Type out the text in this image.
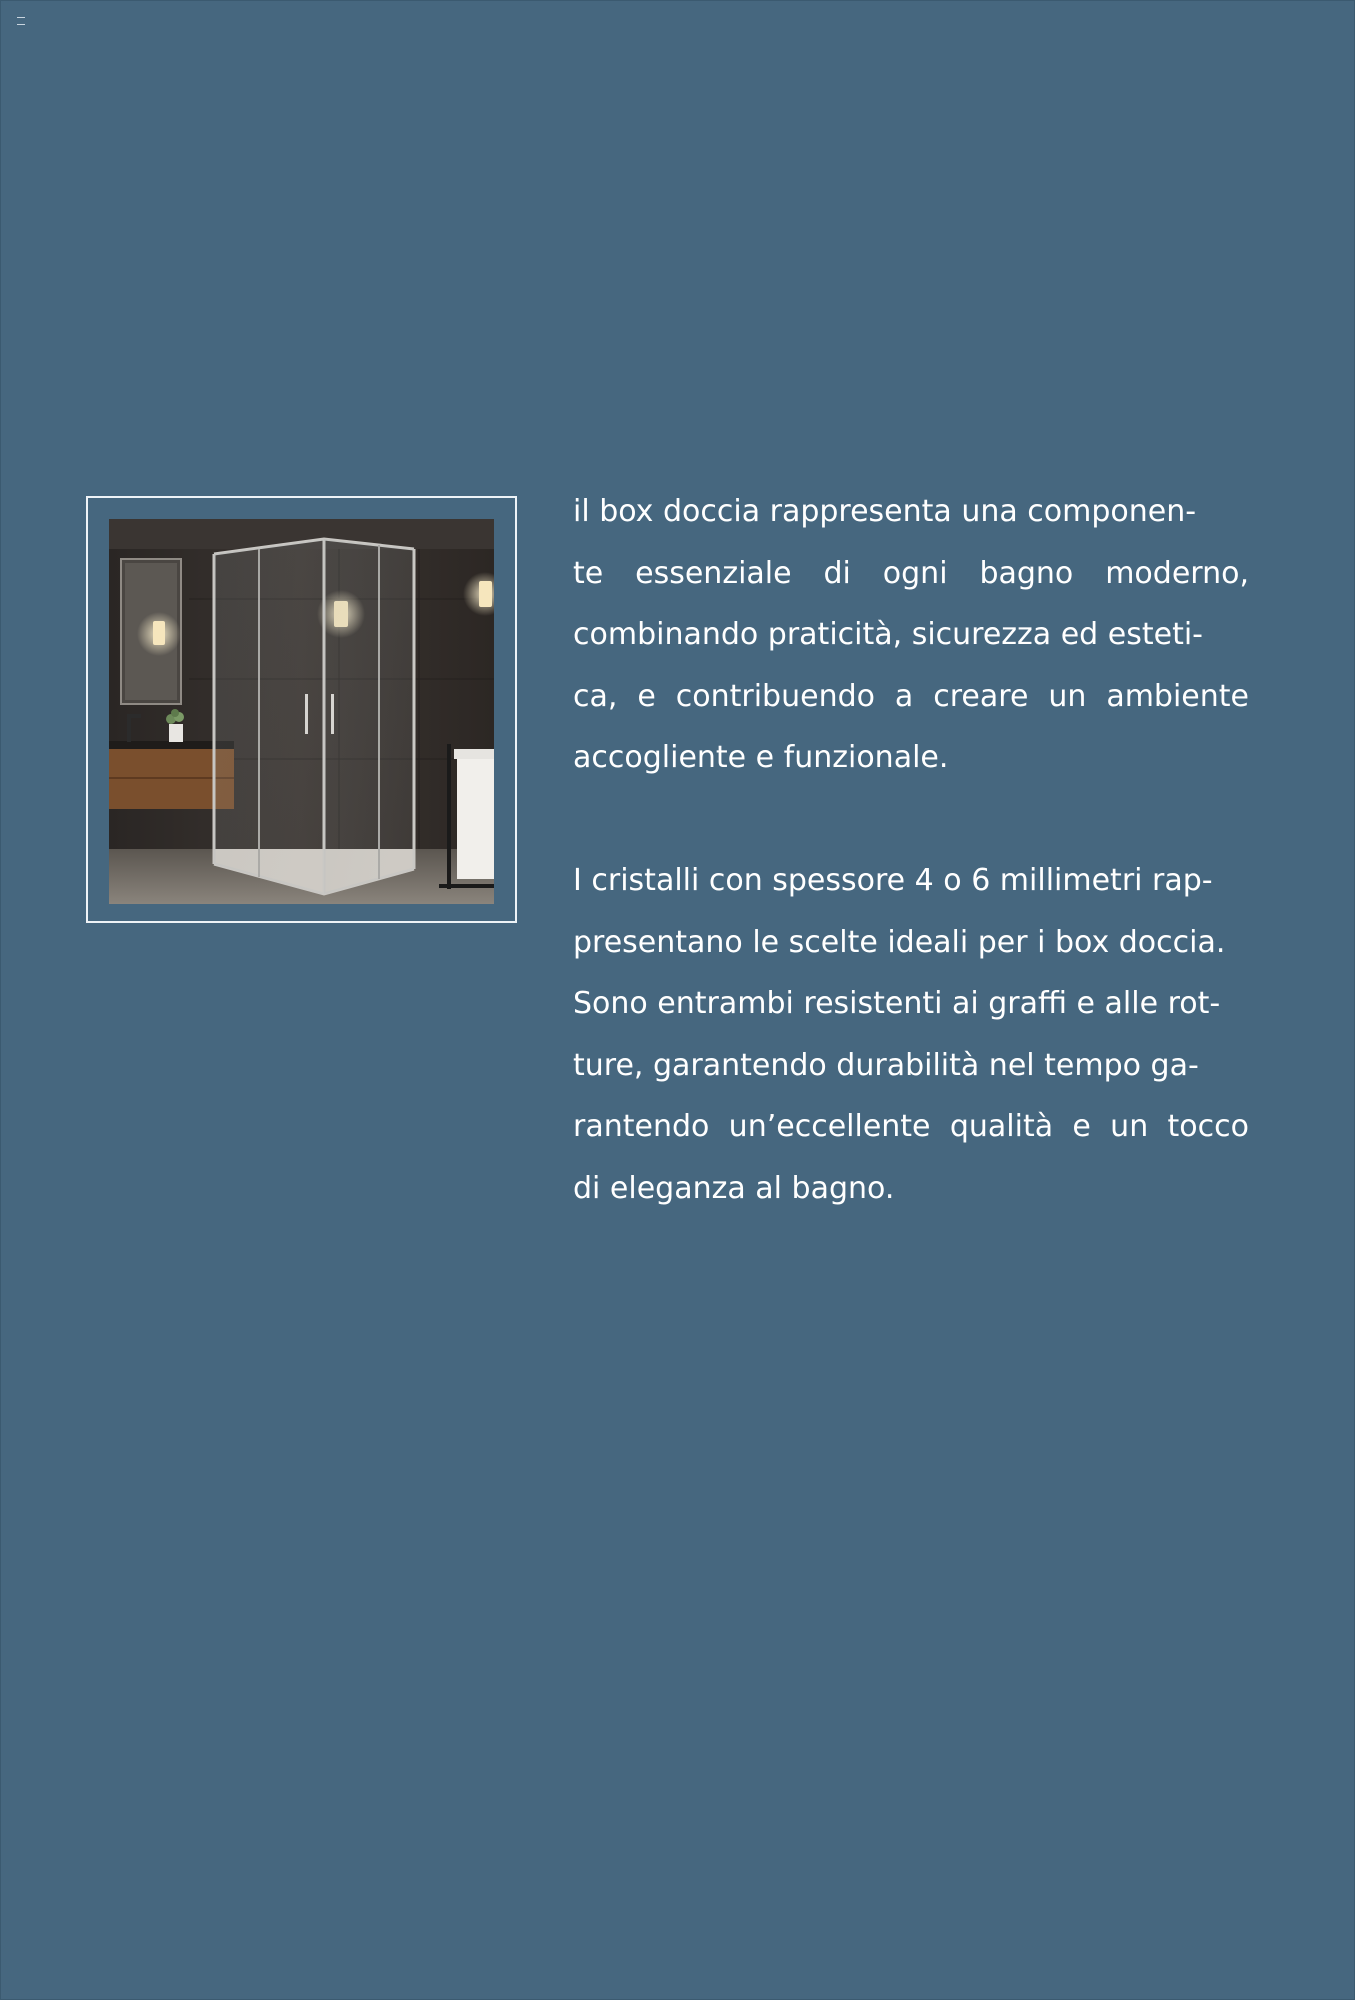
il box doccia rappresenta una componen-
te essenziale di ogni bagno moderno,
combinando praticità, sicurezza ed esteti-
ca, e contribuendo a creare un ambiente
accogliente e funzionale.
I cristalli con spessore 4 o 6 millimetri rap-
presentano le scelte ideali per i box doccia.
Sono entrambi resistenti ai graffi e alle rot-
ture, garantendo durabilità nel tempo ga-
rantendo un’eccellente qualità e un tocco
di eleganza al bagno.
